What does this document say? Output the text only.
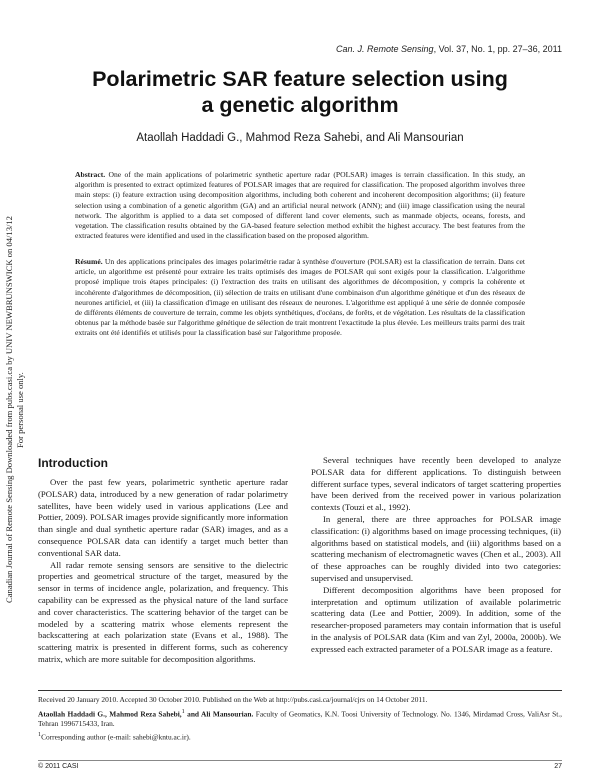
Canadian Journal of Remote Sensing Downloaded from pubs.casi.ca by UNIV NEWBRUNSWICK on 04/13/12 For personal use only.
Can. J. Remote Sensing, Vol. 37, No. 1, pp. 27–36, 2011
Polarimetric SAR feature selection using
a genetic algorithm
Ataollah Haddadi G., Mahmod Reza Sahebi, and Ali Mansourian
Abstract. One of the main applications of polarimetric synthetic aperture radar (POLSAR) images is terrain classification. In this study, an algorithm is presented to extract optimized features of POLSAR images that are required for classification. The proposed algorithm involves three main steps: (i) feature extraction using decomposition algorithms, including both coherent and incoherent decomposition algorithms; (ii) feature selection using a combination of a genetic algorithm (GA) and an artificial neural network (ANN); and (iii) image classification using the neural network. The algorithm is applied to a data set composed of different land cover elements, such as manmade objects, oceans, forests, and vegetation. The classification results obtained by the GA-based feature selection method exhibit the highest accuracy. The best features from the extracted features were identified and used in the classification based on the proposed algorithm.
Résumé. Un des applications principales des images polarimétrie radar à synthèse d'ouverture (POLSAR) est la classification de terrain. Dans cet article, un algorithme est présenté pour extraire les traits optimisés des images de POLSAR qui sont exigés pour la classification. L'algorithme proposé implique trois étapes principales: (i) l'extraction des traits en utilisant des algorithmes de décomposition, y compris la cohérente et incohérente d'algorithmes de décomposition, (ii) sélection de traits en utilisant d'une combinaison d'un algorithme génétique et d'un des réseaux de neurones artificiel, et (iii) la classification d'image en utilisant des réseaux de neurones. L'algorithme est appliqué à une série de donnée composée de différents éléments de couverture de terrain, comme les objets synthétiques, d'océans, de forêts, et de végétation. Les résultats de la classification obtenus par la méthode basée sur l'algorithme génétique de sélection de trait montrent l'exactitude la plus élevée. Les meilleurs traits parmi des trait extraits ont été identifiés et utilisés pour la classification basé sur l'algorithme proposée.
Introduction

Over the past few years, polarimetric synthetic aperture radar (POLSAR) data, introduced by a new generation of radar polarimetry satellites, have been widely used in various applications (Lee and Pottier, 2009). POLSAR images provide significantly more information than single and dual synthetic aperture radar (SAR) images, and as a consequence POLSAR data can identify a target much better than conventional SAR data.

All radar remote sensing sensors are sensitive to the dielectric properties and geometrical structure of the target, measured by the sensor in terms of incidence angle, polarization, and frequency. This capability can be expressed as the physical nature of the land surface and cover characteristics. The scattering behavior of the target can be modeled by a scattering matrix whose elements represent the backscattering at each polarization state (Evans et al., 1988). The scattering matrix is presented in different forms, such as coherency matrix, which are more suitable for decomposition algorithms.

Several techniques have recently been developed to analyze POLSAR data for different applications. To distinguish between different surface types, several indicators of target scattering properties have been derived from the received power in various polarization contexts (Touzi et al., 1992).

In general, there are three approaches for POLSAR image classification: (i) algorithms based on image processing techniques, (ii) algorithms based on statistical models, and (iii) algorithms based on a scattering mechanism of electromagnetic waves (Chen et al., 2003). All of these approaches can be roughly divided into two categories: supervised and unsupervised.

Different decomposition algorithms have been proposed for interpretation and optimum utilization of available polarimetric scattering data (Lee and Pottier, 2009). In addition, some of the researcher-proposed parameters may contain information that is useful in the analysis of POLSAR data (Kim and van Zyl, 2000a, 2000b). We expressed each extracted parameter of a POLSAR image as a feature.

Received 20 January 2010. Accepted 30 October 2010. Published on the Web at http://pubs.casi.ca/journal/cjrs on 14 October 2011.
Ataollah Haddadi G., Mahmod Reza Sahebi,$^1$ and Ali Mansourian. Faculty of Geomatics, K.N. Toosi University of Technology. No. 1346, Mirdamad Cross, ValiAsr St., Tehran 1996715433, Iran.
$^1$Corresponding author (e-mail: sahebi@kntu.ac.ir).
© 2011 CASI	27
